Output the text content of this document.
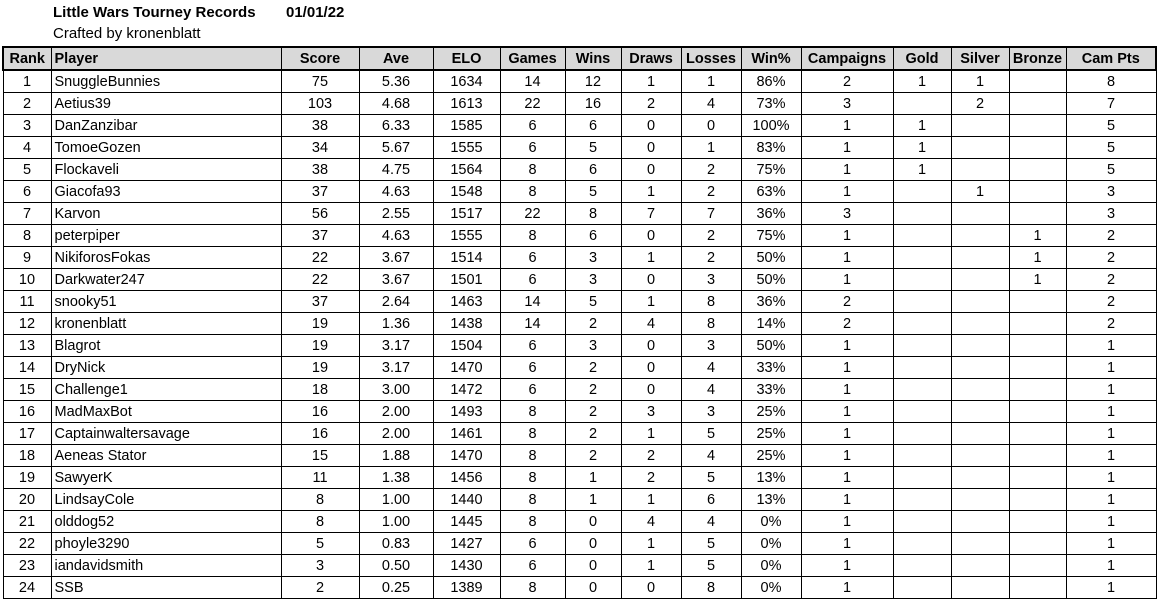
Little Wars Tourney Records 01/01/22
Crafted by kronenblatt
Rank	Player	Score	Ave	ELO	Games	Wins	Draws	Losses	Win%	Campaigns	Gold	Silver	Bronze	Cam Pts
1	SnuggleBunnies	75	5.36	1634	14	12	1	1	86%	2	1	1		8
2	Aetius39	103	4.68	1613	22	16	2	4	73%	3		2		7
3	DanZanzibar	38	6.33	1585	6	6	0	0	100%	1	1			5
4	TomoeGozen	34	5.67	1555	6	5	0	1	83%	1	1			5
5	Flockaveli	38	4.75	1564	8	6	0	2	75%	1	1			5
6	Giacofa93	37	4.63	1548	8	5	1	2	63%	1		1		3
7	Karvon	56	2.55	1517	22	8	7	7	36%	3				3
8	peterpiper	37	4.63	1555	8	6	0	2	75%	1			1	2
9	NikiforosFokas	22	3.67	1514	6	3	1	2	50%	1			1	2
10	Darkwater247	22	3.67	1501	6	3	0	3	50%	1			1	2
11	snooky51	37	2.64	1463	14	5	1	8	36%	2				2
12	kronenblatt	19	1.36	1438	14	2	4	8	14%	2				2
13	Blagrot	19	3.17	1504	6	3	0	3	50%	1				1
14	DryNick	19	3.17	1470	6	2	0	4	33%	1				1
15	Challenge1	18	3.00	1472	6	2	0	4	33%	1				1
16	MadMaxBot	16	2.00	1493	8	2	3	3	25%	1				1
17	Captainwaltersavage	16	2.00	1461	8	2	1	5	25%	1				1
18	Aeneas Stator	15	1.88	1470	8	2	2	4	25%	1				1
19	SawyerK	11	1.38	1456	8	1	2	5	13%	1				1
20	LindsayCole	8	1.00	1440	8	1	1	6	13%	1				1
21	olddog52	8	1.00	1445	8	0	4	4	0%	1				1
22	phoyle3290	5	0.83	1427	6	0	1	5	0%	1				1
23	iandavidsmith	3	0.50	1430	6	0	1	5	0%	1				1
24	SSB	2	0.25	1389	8	0	0	8	0%	1				1
